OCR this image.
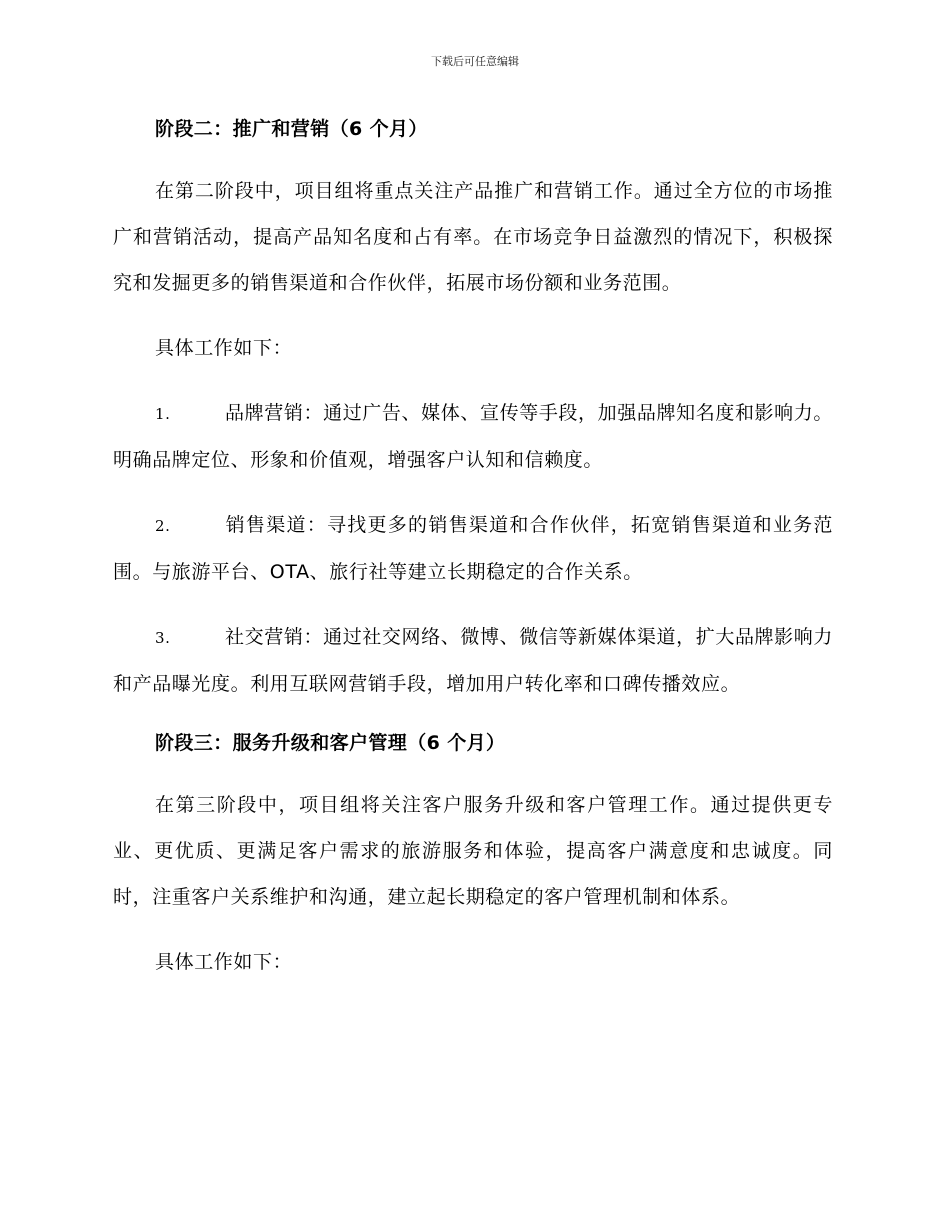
下载后可任意编辑
阶段二：推广和营销（6 个月）

在第二阶段中，项目组将重点关注产品推广和营销工作。通过全方位的市场推广和营销活动，提高产品知名度和占有率。在市场竞争日益激烈的情况下，积极探究和发掘更多的销售渠道和合作伙伴，拓展市场份额和业务范围。

具体工作如下：

1.	品牌营销：通过广告、媒体、宣传等手段，加强品牌知名度和影响力。明确品牌定位、形象和价值观，增强客户认知和信赖度。

2.	销售渠道：寻找更多的销售渠道和合作伙伴，拓宽销售渠道和业务范围。与旅游平台、OTA、旅行社等建立长期稳定的合作关系。

3.	社交营销：通过社交网络、微博、微信等新媒体渠道，扩大品牌影响力和产品曝光度。利用互联网营销手段，增加用户转化率和口碑传播效应。

阶段三：服务升级和客户管理（6 个月）

在第三阶段中，项目组将关注客户服务升级和客户管理工作。通过提供更专业、更优质、更满足客户需求的旅游服务和体验，提高客户满意度和忠诚度。同时，注重客户关系维护和沟通，建立起长期稳定的客户管理机制和体系。

具体工作如下：
